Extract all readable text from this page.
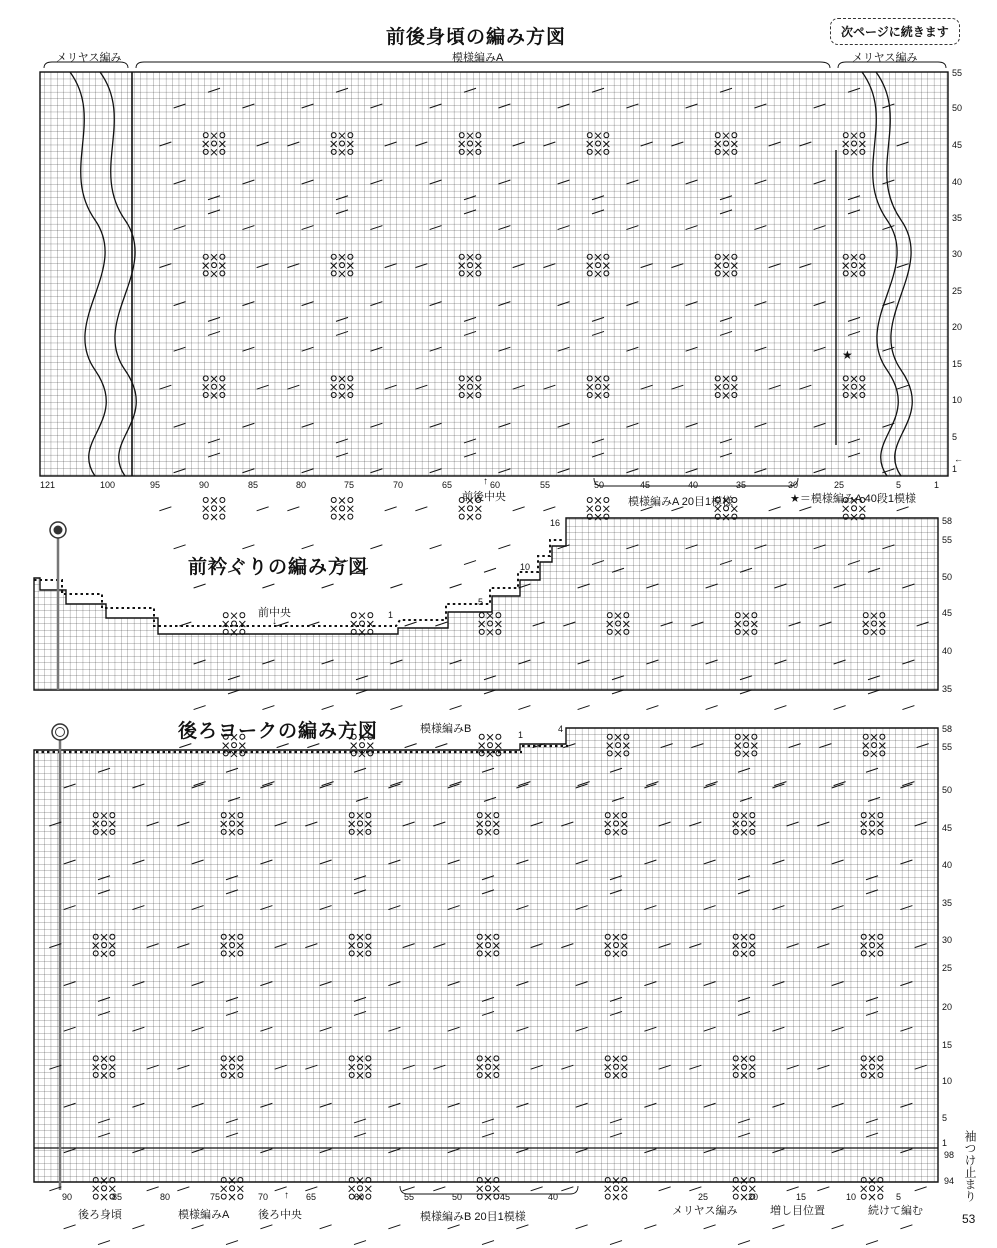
前後身頃の編み方図	次ページに続きます
メリヤス編み	模様編みA	メリヤス編み
★
55
50
45
40
35
30
25
20
15
10
5
1
←
121	100	95	90	85	80	75	70	65	60	55	50	45	40	35	30	25	5	1
↑
前後中央	模様編みA 20目1模様	★＝模様編みA 40段1模様
前衿ぐりの編み方図
前中央
↓
16
10
5
1
58
55
50
45
40
35
後ろヨークの編み方図	模様編みB	1
4	58
55
50
45
40
35
30
25
20
15
10
5
1
98
94
90	85	80	75	70	65	60	55	50	45	40	25	20	15	10	5
後ろ身頃	模様編みA	後ろ中央
↑
模様編みB 20目1模様	メリヤス編み	増し目位置	続けて編む
袖つけ止まり
53
